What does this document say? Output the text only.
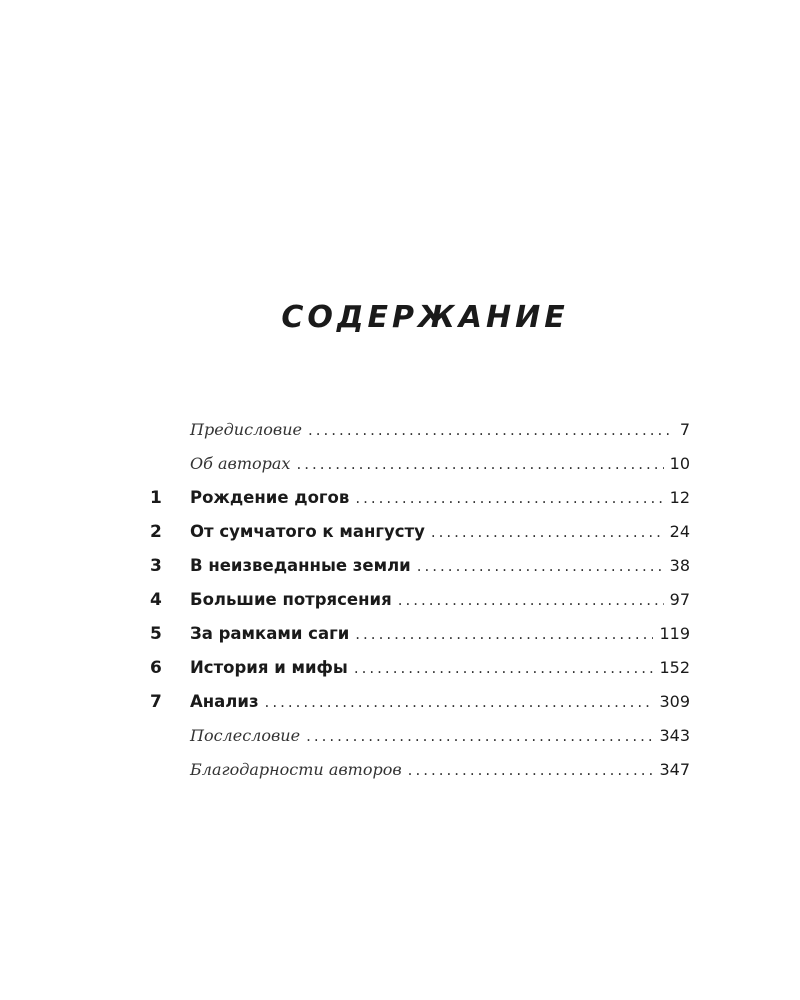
СОДЕРЖАНИЕ
Предисловие .....	7
Об авторах .....	10
1	Рождение догов .....	12
2	От сумчатого к мангусту .....	24
3	В неизведанные земли .....	38
4	Большие потрясения .....	97
5	За рамками саги .....	119
6	История и мифы .....	152
7	Анализ .....	309
Послесловие .....	343
Благодарности авторов .....	347
